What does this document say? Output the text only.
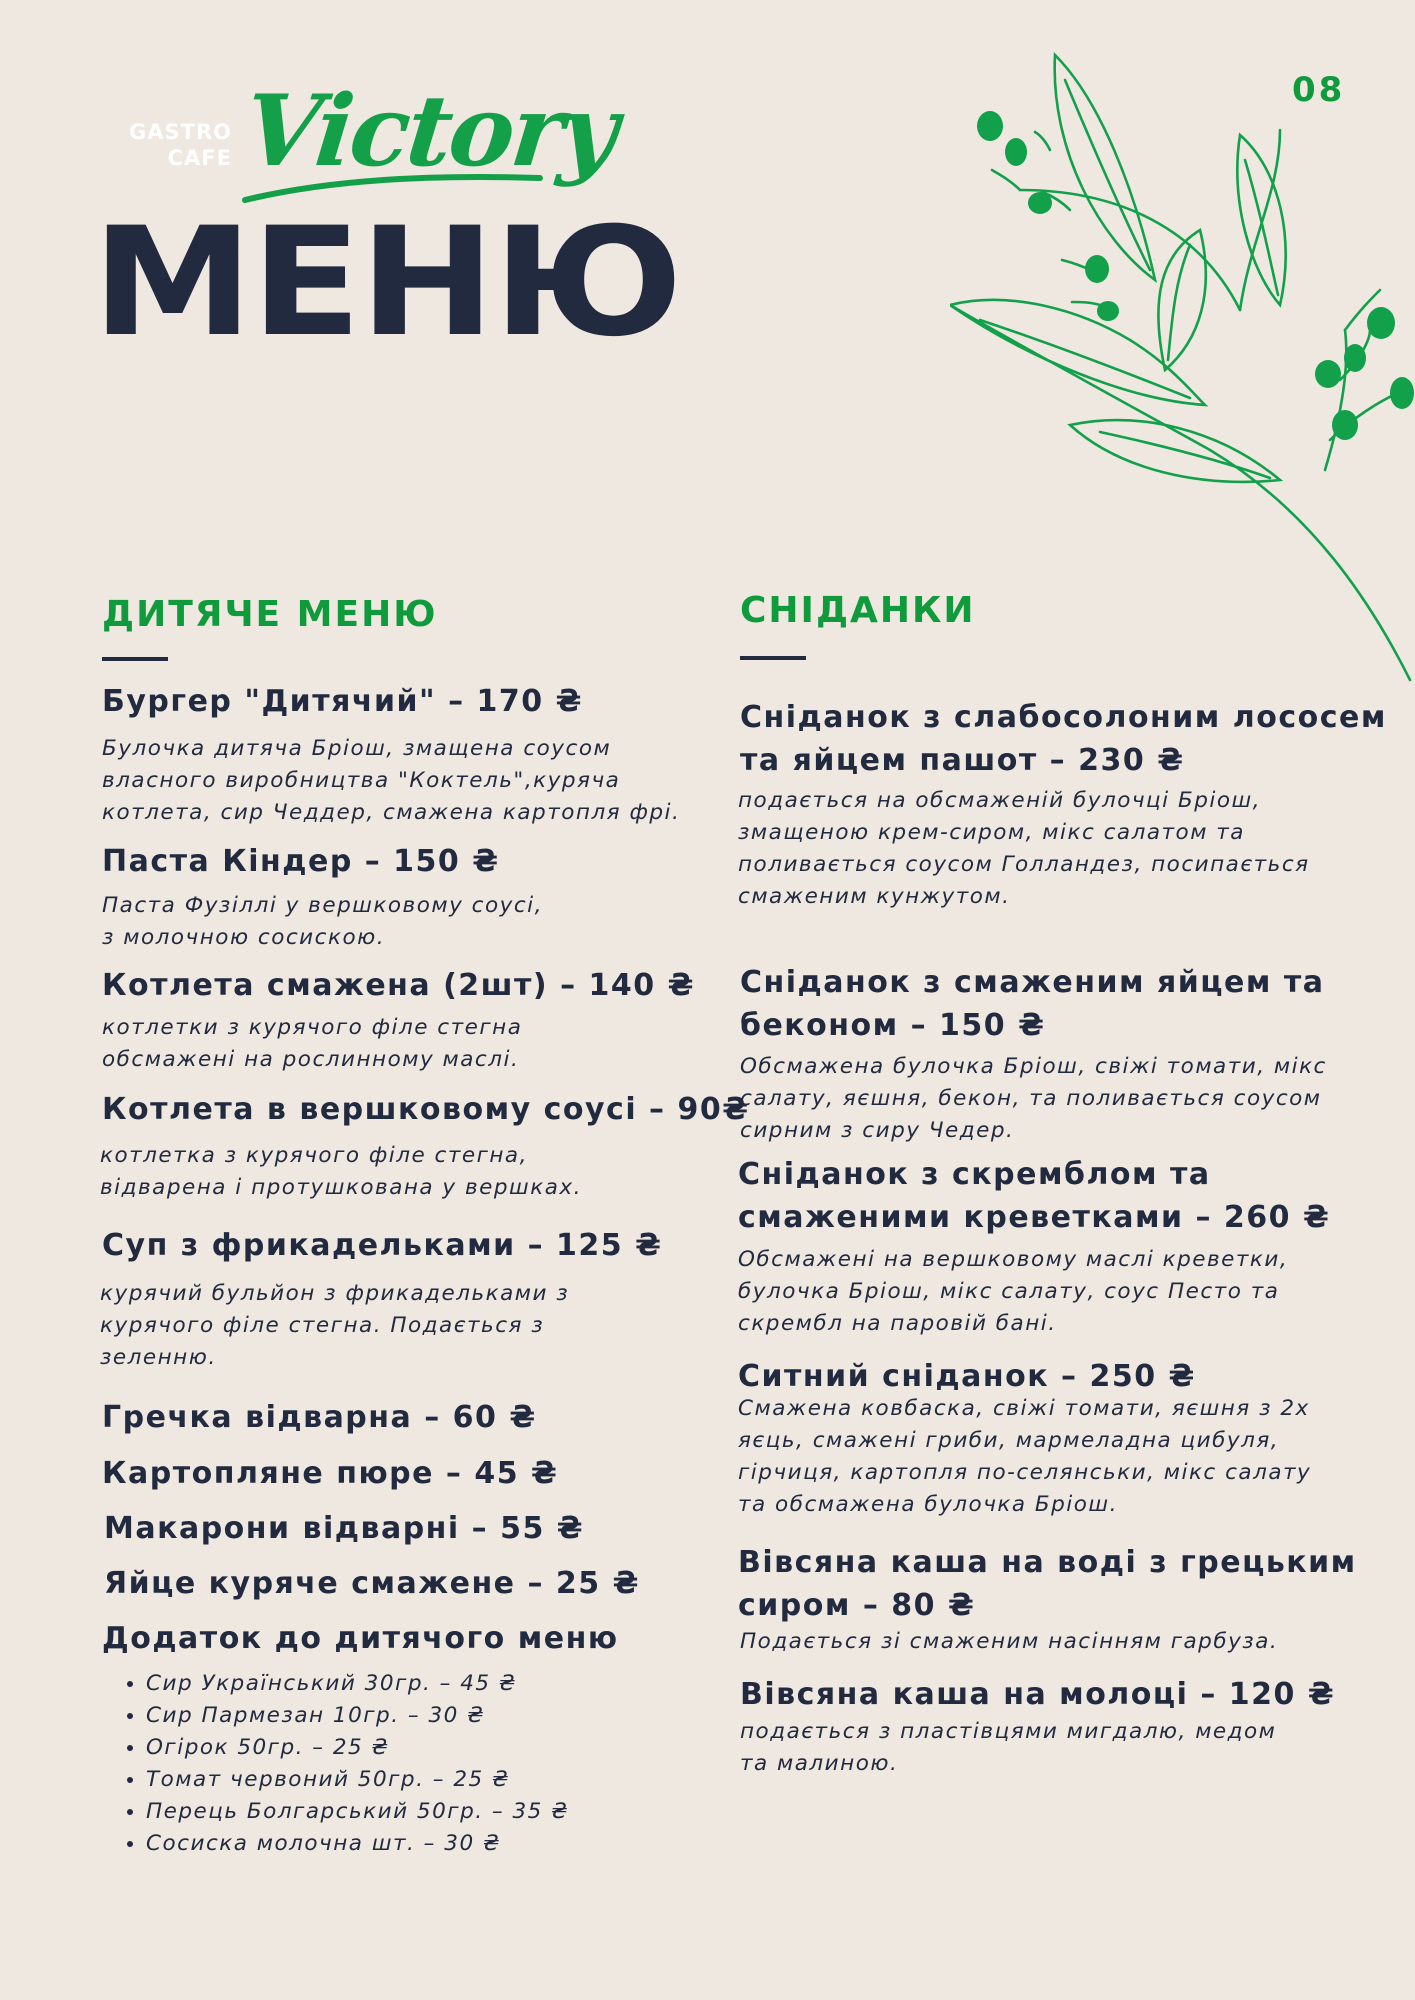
08
GASTRO
CAFE Victory
МЕНЮ
ДИТЯЧЕ МЕНЮ
Бургер "Дитячий" – 170 ₴
Булочка дитяча Бріош, змащена соусом
власного виробництва "Коктель",куряча
котлета, сир Чеддер, смажена картопля фрі.
Паста Кіндер – 150 ₴
Паста Фузіллі у вершковому соусі,
з молочною сосискою.
Котлета смажена (2шт) – 140 ₴
котлетки з курячого філе стегна
обсмажені на рослинному маслі.
Котлета в вершковому соусі – 90₴
котлетка з курячого філе стегна,
відварена і протушкована у вершках.
Суп з фрикадельками – 125 ₴
курячий бульйон з фрикадельками з
курячого філе стегна. Подається з
зеленню.
Гречка відварна – 60 ₴
Картопляне пюре – 45 ₴
Макарони відварні – 55 ₴
Яйце куряче смажене – 25 ₴
Додаток до дитячого меню
• Сир Український 30гр. – 45 ₴
• Сир Пармезан 10гр. – 30 ₴
• Огірок 50гр. – 25 ₴
• Томат червоний 50гр. – 25 ₴
• Перець Болгарський 50гр. – 35 ₴
• Сосиска молочна шт. – 30 ₴
СНІДАНКИ
Сніданок з слабосолоним лососем
та яйцем пашот – 230 ₴
подається на обсмаженій булочці Бріош,
змащеною крем-сиром, мікс салатом та
поливається соусом Голландез, посипається
смаженим кунжутом.
Сніданок з смаженим яйцем та
беконом – 150 ₴
Обсмажена булочка Бріош, свіжі томати, мікс
салату, яєшня, бекон, та поливається соусом
сирним з сиру Чедер.
Сніданок з скремблом та
смаженими креветками – 260 ₴
Обсмажені на вершковому маслі креветки,
булочка Бріош, мікс салату, соус Песто та
скрембл на паровій бані.
Ситний сніданок – 250 ₴
Смажена ковбаска, свіжі томати, яєшня з 2х
яєць, смажені гриби, мармеладна цибуля,
гірчиця, картопля по-селянськи, мікс салату
та обсмажена булочка Бріош.
Вівсяна каша на воді з грецьким
сиром – 80 ₴
Подається зі смаженим насінням гарбуза.
Вівсяна каша на молоці – 120 ₴
подається з пластівцями мигдалю, медом
та малиною.
